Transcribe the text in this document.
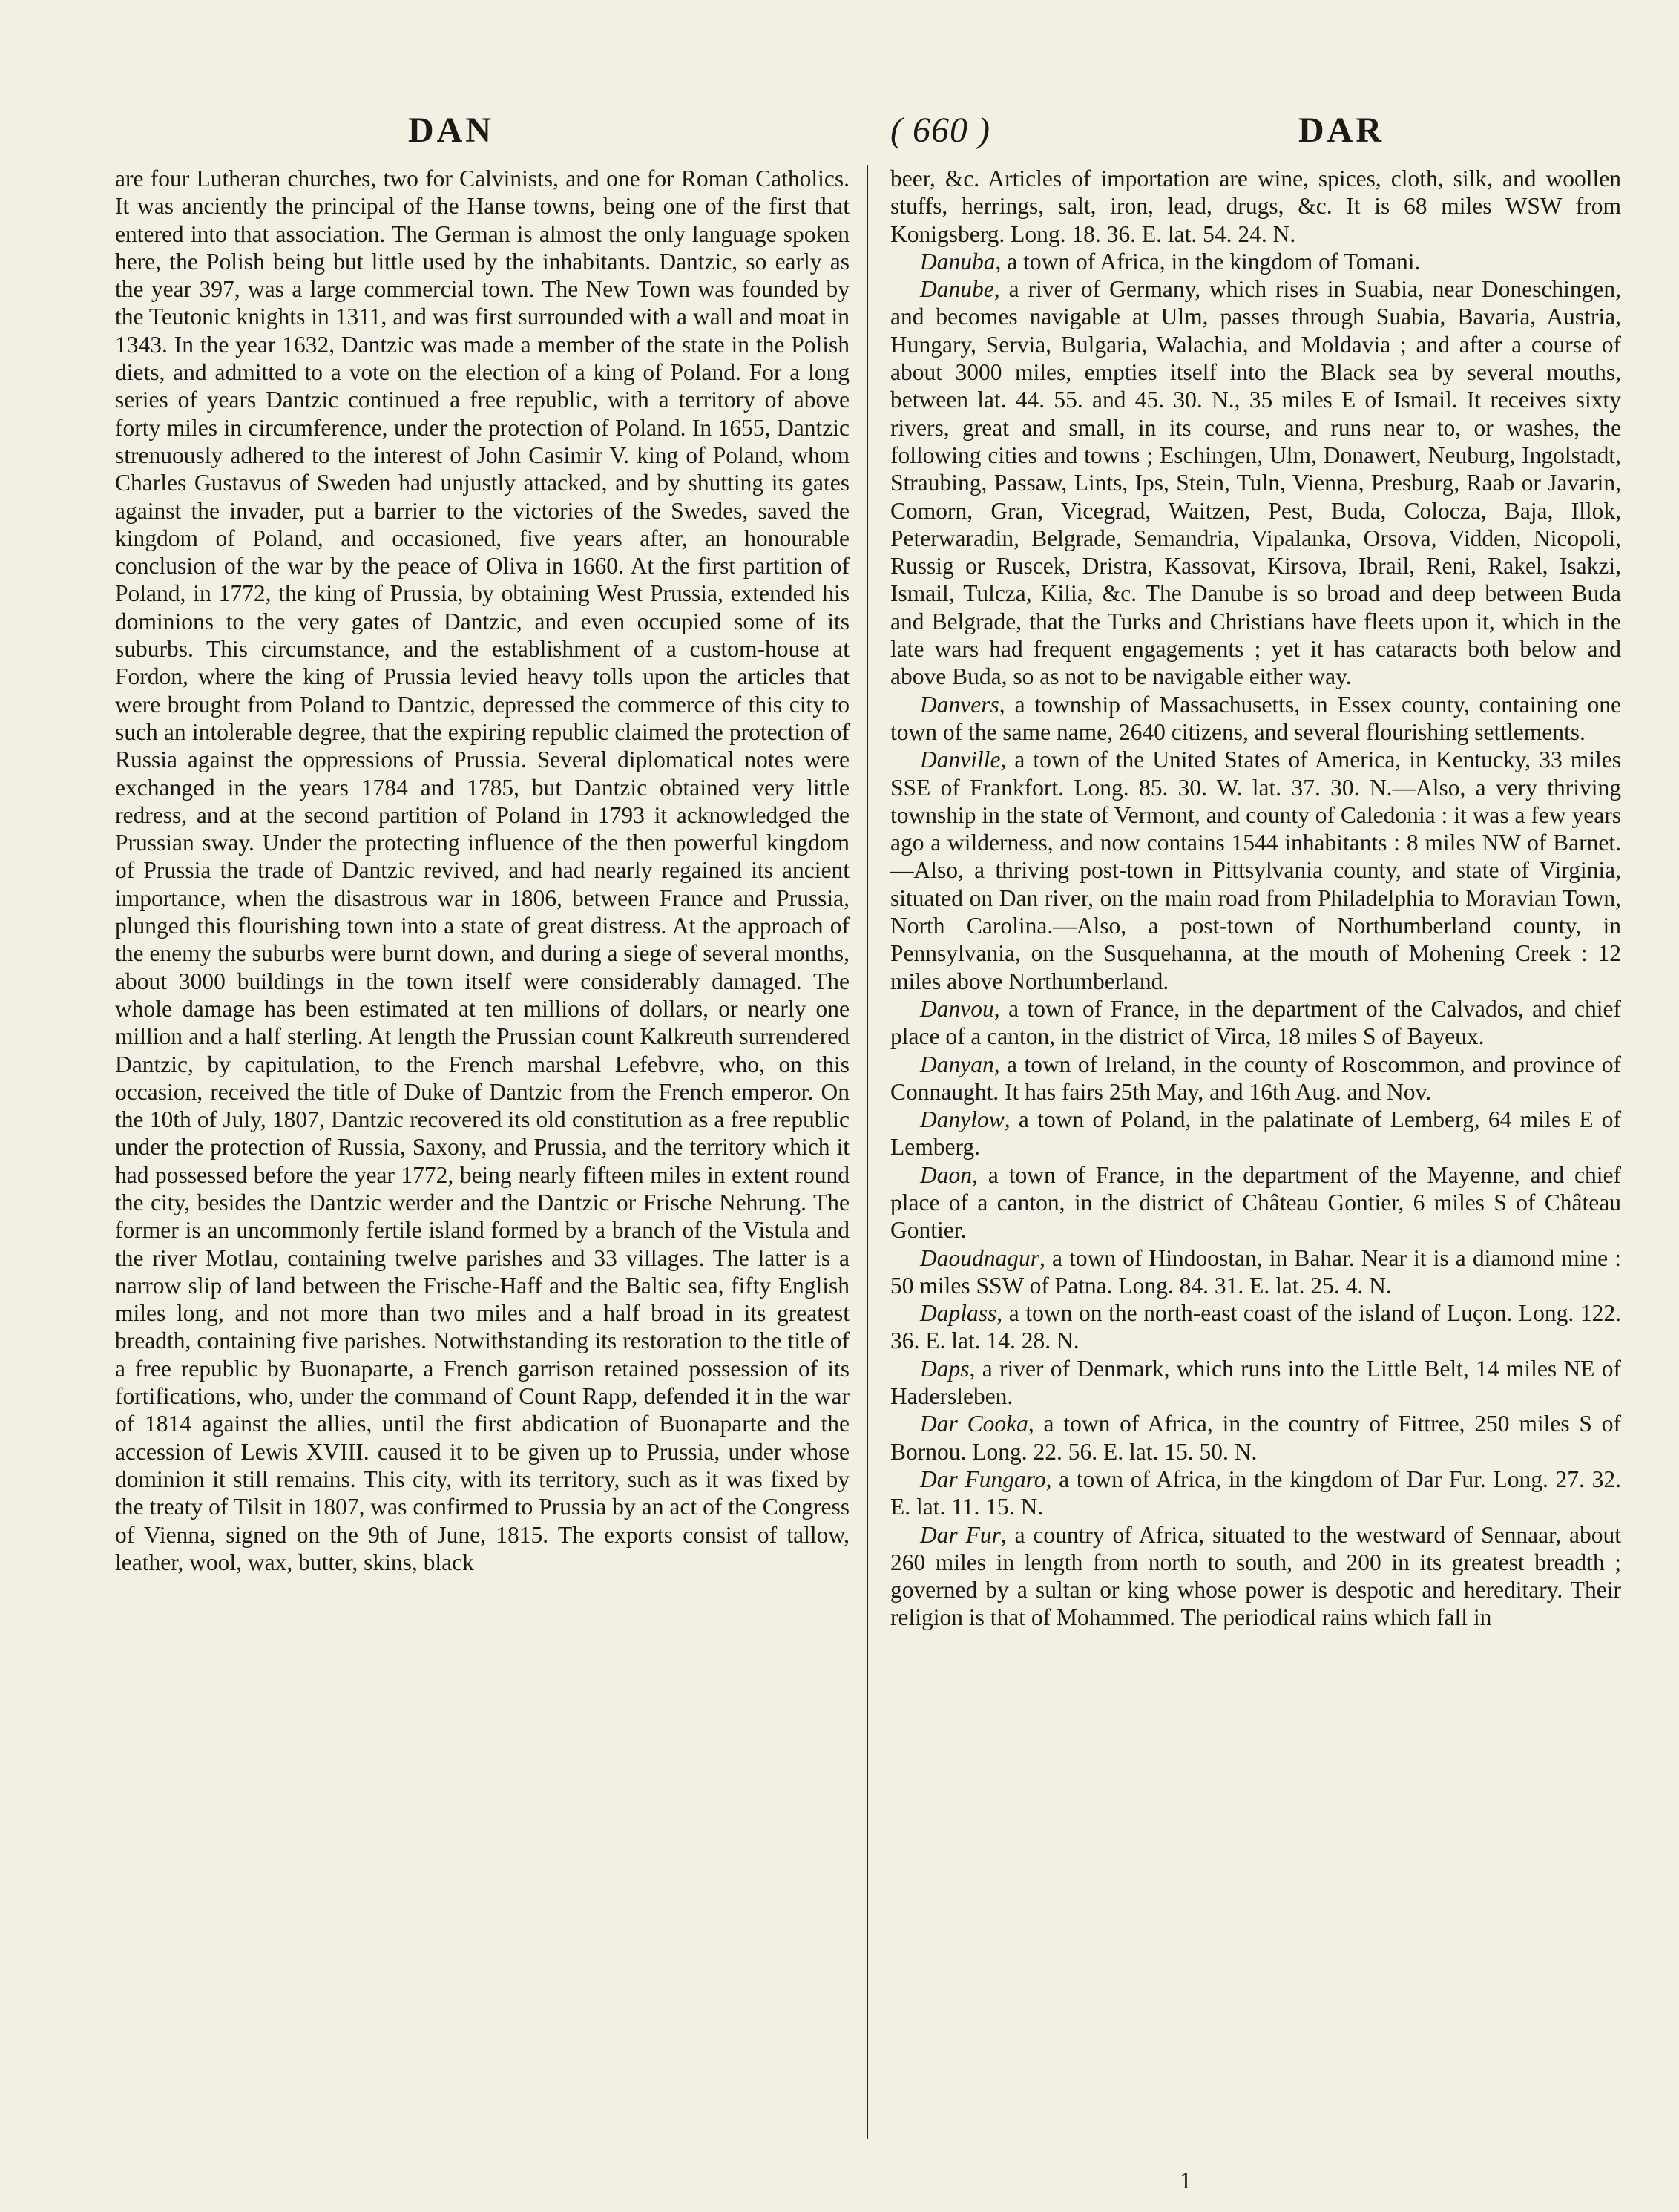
DAN	( 660 )	DAR

are four Lutheran churches, two for Calvinists, and one for Roman Catholics. It was anciently the principal of the Hanse towns, being one of the first that entered into that association. The German is almost the only language spoken here, the Polish being but little used by the inhabitants. Dantzic, so early as the year 397, was a large commercial town. The New Town was founded by the Teutonic knights in 1311, and was first surrounded with a wall and moat in 1343. In the year 1632, Dantzic was made a member of the state in the Polish diets, and admitted to a vote on the election of a king of Poland. For a long series of years Dantzic continued a free republic, with a territory of above forty miles in circumference, under the protection of Poland. In 1655, Dantzic strenuously adhered to the interest of John Casimir V. king of Poland, whom Charles Gustavus of Sweden had unjustly attacked, and by shutting its gates against the invader, put a barrier to the victories of the Swedes, saved the kingdom of Poland, and occasioned, five years after, an honourable conclusion of the war by the peace of Oliva in 1660. At the first partition of Poland, in 1772, the king of Prussia, by obtaining West Prussia, extended his dominions to the very gates of Dantzic, and even occupied some of its suburbs. This circumstance, and the establishment of a custom-house at Fordon, where the king of Prussia levied heavy tolls upon the articles that were brought from Poland to Dantzic, depressed the commerce of this city to such an intolerable degree, that the expiring republic claimed the protection of Russia against the oppressions of Prussia. Several diplomatical notes were exchanged in the years 1784 and 1785, but Dantzic obtained very little redress, and at the second partition of Poland in 1793 it acknowledged the Prussian sway. Under the protecting influence of the then powerful kingdom of Prussia the trade of Dantzic revived, and had nearly regained its ancient importance, when the disastrous war in 1806, between France and Prussia, plunged this flourishing town into a state of great distress. At the approach of the enemy the suburbs were burnt down, and during a siege of several months, about 3000 buildings in the town itself were considerably damaged. The whole damage has been estimated at ten millions of dollars, or nearly one million and a half sterling. At length the Prussian count Kalkreuth surrendered Dantzic, by capitulation, to the French marshal Lefebvre, who, on this occasion, received the title of Duke of Dantzic from the French emperor. On the 10th of July, 1807, Dantzic recovered its old constitution as a free republic under the protection of Russia, Saxony, and Prussia, and the territory which it had possessed before the year 1772, being nearly fifteen miles in extent round the city, besides the Dantzic werder and the Dantzic or Frische Nehrung. The former is an uncommonly fertile island formed by a branch of the Vistula and the river Motlau, containing twelve parishes and 33 villages. The latter is a narrow slip of land between the Frische-Haff and the Baltic sea, fifty English miles long, and not more than two miles and a half broad in its greatest breadth, containing five parishes. Notwithstanding its restoration to the title of a free republic by Buonaparte, a French garrison retained possession of its fortifications, who, under the command of Count Rapp, defended it in the war of 1814 against the allies, until the first abdication of Buonaparte and the accession of Lewis XVIII. caused it to be given up to Prussia, under whose dominion it still remains. This city, with its territory, such as it was fixed by the treaty of Tilsit in 1807, was confirmed to Prussia by an act of the Congress of Vienna, signed on the 9th of June, 1815. The exports consist of tallow, leather, wool, wax, butter, skins, black

beer, &c. Articles of importation are wine, spices, cloth, silk, and woollen stuffs, herrings, salt, iron, lead, drugs, &c. It is 68 miles WSW from Konigsberg. Long. 18. 36. E. lat. 54. 24. N.

Danuba, a town of Africa, in the kingdom of Tomani.

Danube, a river of Germany, which rises in Suabia, near Doneschingen, and becomes navigable at Ulm, passes through Suabia, Bavaria, Austria, Hungary, Servia, Bulgaria, Walachia, and Moldavia ; and after a course of about 3000 miles, empties itself into the Black sea by several mouths, between lat. 44. 55. and 45. 30. N., 35 miles E of Ismail. It receives sixty rivers, great and small, in its course, and runs near to, or washes, the following cities and towns ; Eschingen, Ulm, Donawert, Neuburg, Ingolstadt, Straubing, Passaw, Lints, Ips, Stein, Tuln, Vienna, Presburg, Raab or Javarin, Comorn, Gran, Vicegrad, Waitzen, Pest, Buda, Colocza, Baja, Illok, Peterwaradin, Belgrade, Semandria, Vipalanka, Orsova, Vidden, Nicopoli, Russig or Ruscek, Dristra, Kassovat, Kirsova, Ibrail, Reni, Rakel, Isakzi, Ismail, Tulcza, Kilia, &c. The Danube is so broad and deep between Buda and Belgrade, that the Turks and Christians have fleets upon it, which in the late wars had frequent engagements ; yet it has cataracts both below and above Buda, so as not to be navigable either way.

Danvers, a township of Massachusetts, in Essex county, containing one town of the same name, 2640 citizens, and several flourishing settlements.

Danville, a town of the United States of America, in Kentucky, 33 miles SSE of Frankfort. Long. 85. 30. W. lat. 37. 30. N.—Also, a very thriving township in the state of Vermont, and county of Caledonia : it was a few years ago a wilderness, and now contains 1544 inhabitants : 8 miles NW of Barnet.—Also, a thriving post-town in Pittsylvania county, and state of Virginia, situated on Dan river, on the main road from Philadelphia to Moravian Town, North Carolina.—Also, a post-town of Northumberland county, in Pennsylvania, on the Susquehanna, at the mouth of Mohening Creek : 12 miles above Northumberland.

Danvou, a town of France, in the department of the Calvados, and chief place of a canton, in the district of Virca, 18 miles S of Bayeux.

Danyan, a town of Ireland, in the county of Roscommon, and province of Connaught. It has fairs 25th May, and 16th Aug. and Nov.

Danylow, a town of Poland, in the palatinate of Lemberg, 64 miles E of Lemberg.

Daon, a town of France, in the department of the Mayenne, and chief place of a canton, in the district of Château Gontier, 6 miles S of Château Gontier.

Daoudnagur, a town of Hindoostan, in Bahar. Near it is a diamond mine : 50 miles SSW of Patna. Long. 84. 31. E. lat. 25. 4. N.

Daplass, a town on the north-east coast of the island of Luçon. Long. 122. 36. E. lat. 14. 28. N.

Daps, a river of Denmark, which runs into the Little Belt, 14 miles NE of Hadersleben.

Dar Cooka, a town of Africa, in the country of Fittree, 250 miles S of Bornou. Long. 22. 56. E. lat. 15. 50. N.

Dar Fungaro, a town of Africa, in the kingdom of Dar Fur. Long. 27. 32. E. lat. 11. 15. N.

Dar Fur, a country of Africa, situated to the westward of Sennaar, about 260 miles in length from north to south, and 200 in its greatest breadth ; governed by a sultan or king whose power is despotic and hereditary. Their religion is that of Mohammed. The periodical rains which fall in

1
